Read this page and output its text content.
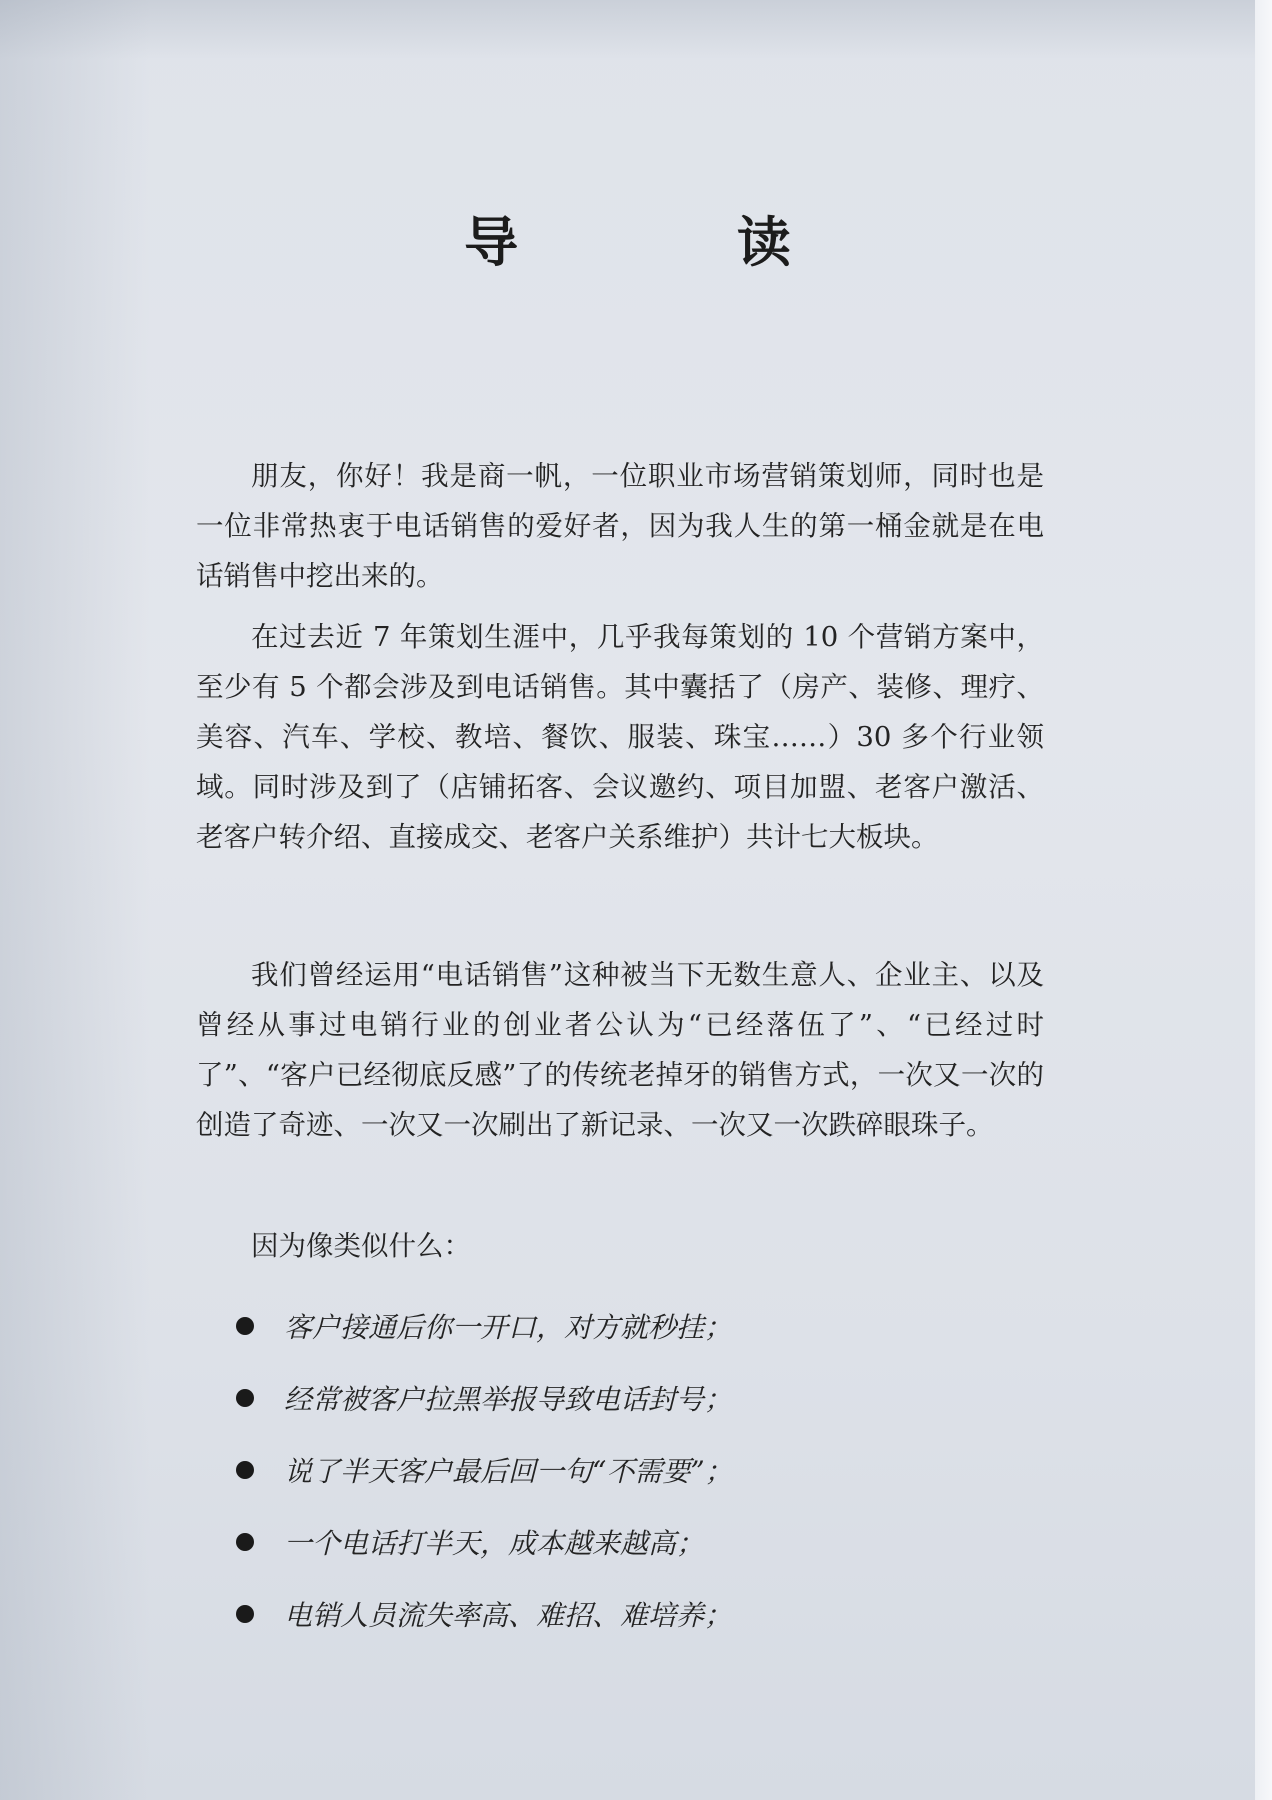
导 读

朋友，你好！我是商一帆，一位职业市场营销策划师，同时也是一位非常热衷于电话销售的爱好者，因为我人生的第一桶金就是在电话销售中挖出来的。

在过去近 7 年策划生涯中，几乎我每策划的 10 个营销方案中，至少有 5 个都会涉及到电话销售。其中囊括了（房产、装修、理疗、美容、汽车、学校、教培、餐饮、服装、珠宝……）30 多个行业领域。同时涉及到了（店铺拓客、会议邀约、项目加盟、老客户激活、老客户转介绍、直接成交、老客户关系维护）共计七大板块。

我们曾经运用“电话销售”这种被当下无数生意人、企业主、以及曾经从事过电销行业的创业者公认为“已经落伍了”、“已经过时了”、“客户已经彻底反感”了的传统老掉牙的销售方式，一次又一次的创造了奇迹、一次又一次刷出了新记录、一次又一次跌碎眼珠子。

因为像类似什么：

客户接通后你一开口，对方就秒挂；
经常被客户拉黑举报导致电话封号；
说了半天客户最后回一句“不需要”；
一个电话打半天，成本越来越高；
电销人员流失率高、难招、难培养；
